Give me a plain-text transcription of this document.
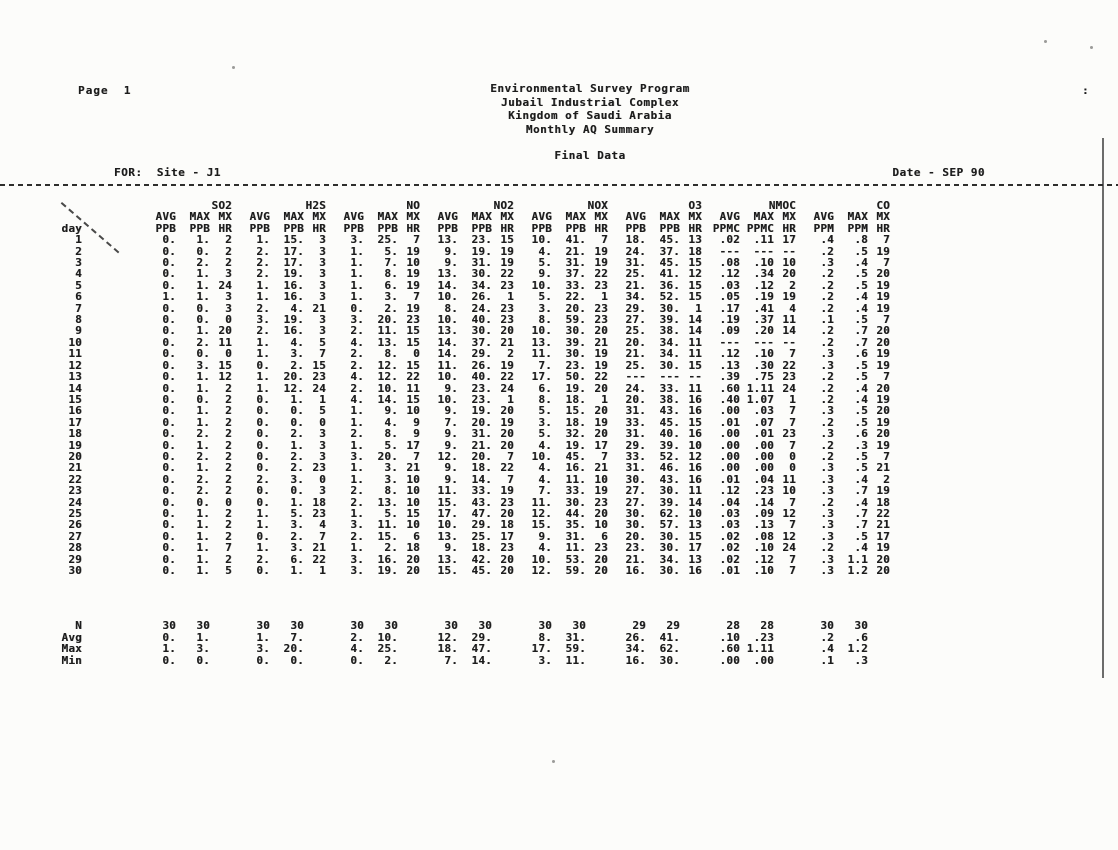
Page  1	Environmental Survey Program
Jubail Industrial Complex
Kingdom of Saudi Arabia
Monthly AQ Summary
Final Data
FOR:  Site - J1	Date - SEP 90
		SO2			H2S			NO			NO2			NOX			O3			NMOC			CO		
		AVG	MAX	MX	AVG	MAX	MX	AVG	MAX	MX	AVG	MAX	MX	AVG	MAX	MX	AVG	MAX	MX	AVG	MAX	MX	AVG	MAX	MX
day		PPB	PPB	HR	PPB	PPB	HR	PPB	PPB	HR	PPB	PPB	HR	PPB	PPB	HR	PPB	PPB	HR	PPMC	PPMC	HR	PPM	PPM	HR
1		0.	1.	2	1.	15.	3	3.	25.	7	13.	23.	15	10.	41.	7	18.	45.	13	.02	.11	17	.4	.8	7
2		0.	0.	2	2.	17.	3	1.	5.	19	9.	19.	19	4.	21.	19	24.	37.	18	---	---	--	.2	.5	19
3		0.	2.	2	2.	17.	3	1.	7.	10	9.	31.	19	5.	31.	19	31.	45.	15	.08	.10	10	.3	.4	7
4		0.	1.	3	2.	19.	3	1.	8.	19	13.	30.	22	9.	37.	22	25.	41.	12	.12	.34	20	.2	.5	20
5		0.	1.	24	1.	16.	3	1.	6.	19	14.	34.	23	10.	33.	23	21.	36.	15	.03	.12	2	.2	.5	19
6		1.	1.	3	1.	16.	3	1.	3.	7	10.	26.	1	5.	22.	1	34.	52.	15	.05	.19	19	.2	.4	19
7		0.	0.	3	2.	4.	21	0.	2.	19	8.	24.	23	3.	20.	23	29.	30.	1	.17	.41	4	.2	.4	19
8		0.	0.	0	3.	19.	3	3.	20.	23	10.	40.	23	8.	59.	23	27.	39.	14	.19	.37	11	.1	.5	7
9		0.	1.	20	2.	16.	3	2.	11.	15	13.	30.	20	10.	30.	20	25.	38.	14	.09	.20	14	.2	.7	20
10		0.	2.	11	1.	4.	5	4.	13.	15	14.	37.	21	13.	39.	21	20.	34.	11	---	---	--	.2	.7	20
11		0.	0.	0	1.	3.	7	2.	8.	0	14.	29.	2	11.	30.	19	21.	34.	11	.12	.10	7	.3	.6	19
12		0.	3.	15	0.	2.	15	2.	12.	15	11.	26.	19	7.	23.	19	25.	30.	15	.13	.30	22	.3	.5	19
13		0.	1.	12	1.	20.	23	4.	12.	22	10.	40.	22	17.	50.	22	---	---	--	.39	.75	23	.2	.5	7
14		0.	1.	2	1.	12.	24	2.	10.	11	9.	23.	24	6.	19.	20	24.	33.	11	.60	1.11	24	.2	.4	20
15		0.	0.	2	0.	1.	1	4.	14.	15	10.	23.	1	8.	18.	1	20.	38.	16	.40	1.07	1	.2	.4	19
16		0.	1.	2	0.	0.	5	1.	9.	10	9.	19.	20	5.	15.	20	31.	43.	16	.00	.03	7	.3	.5	20
17		0.	1.	2	0.	0.	0	1.	4.	9	7.	20.	19	3.	18.	19	33.	45.	15	.01	.07	7	.2	.5	19
18		0.	2.	2	0.	2.	3	2.	8.	9	9.	31.	20	5.	32.	20	31.	40.	16	.00	.01	23	.3	.6	20
19		0.	1.	2	0.	1.	3	1.	5.	17	9.	21.	20	4.	19.	17	29.	39.	10	.00	.00	7	.2	.3	19
20		0.	2.	2	0.	2.	3	3.	20.	7	12.	20.	7	10.	45.	7	33.	52.	12	.00	.00	0	.2	.5	7
21		0.	1.	2	0.	2.	23	1.	3.	21	9.	18.	22	4.	16.	21	31.	46.	16	.00	.00	0	.3	.5	21
22		0.	2.	2	2.	3.	0	1.	3.	10	9.	14.	7	4.	11.	10	30.	43.	16	.01	.04	11	.3	.4	2
23		0.	2.	2	0.	0.	3	2.	8.	10	11.	33.	19	7.	33.	19	27.	30.	11	.12	.23	10	.3	.7	19
24		0.	0.	0	0.	1.	18	2.	13.	10	15.	43.	23	11.	30.	23	27.	39.	14	.04	.14	7	.2	.4	18
25		0.	1.	2	1.	5.	23	1.	5.	15	17.	47.	20	12.	44.	20	30.	62.	10	.03	.09	12	.3	.7	22
26		0.	1.	2	1.	3.	4	3.	11.	10	10.	29.	18	15.	35.	10	30.	57.	13	.03	.13	7	.3	.7	21
27		0.	1.	2	0.	2.	7	2.	15.	6	13.	25.	17	9.	31.	6	20.	30.	15	.02	.08	12	.3	.5	17
28		0.	1.	7	1.	3.	21	1.	2.	18	9.	18.	23	4.	11.	23	23.	30.	17	.02	.10	24	.2	.4	19
29		0.	1.	2	2.	6.	22	3.	16.	20	13.	42.	20	10.	53.	20	21.	34.	13	.02	.12	7	.3	1.1	20
30		0.	1.	5	0.	1.	1	3.	19.	20	15.	45.	20	12.	59.	20	16.	30.	16	.01	.10	7	.3	1.2	20

N		30	30		30	30		30	30		30	30		30	30		29	29		28	28		30	30	
Avg		0.	1.		1.	7.		2.	10.		12.	29.		8.	31.		26.	41.		.10	.23		.2	.6	
Max		1.	3.		3.	20.		4.	25.		18.	47.		17.	59.		34.	62.		.60	1.11		.4	1.2	
Min		0.	0.		0.	0.		0.	2.		7.	14.		3.	11.		16.	30.		.00	.00		.1	.3	
:
